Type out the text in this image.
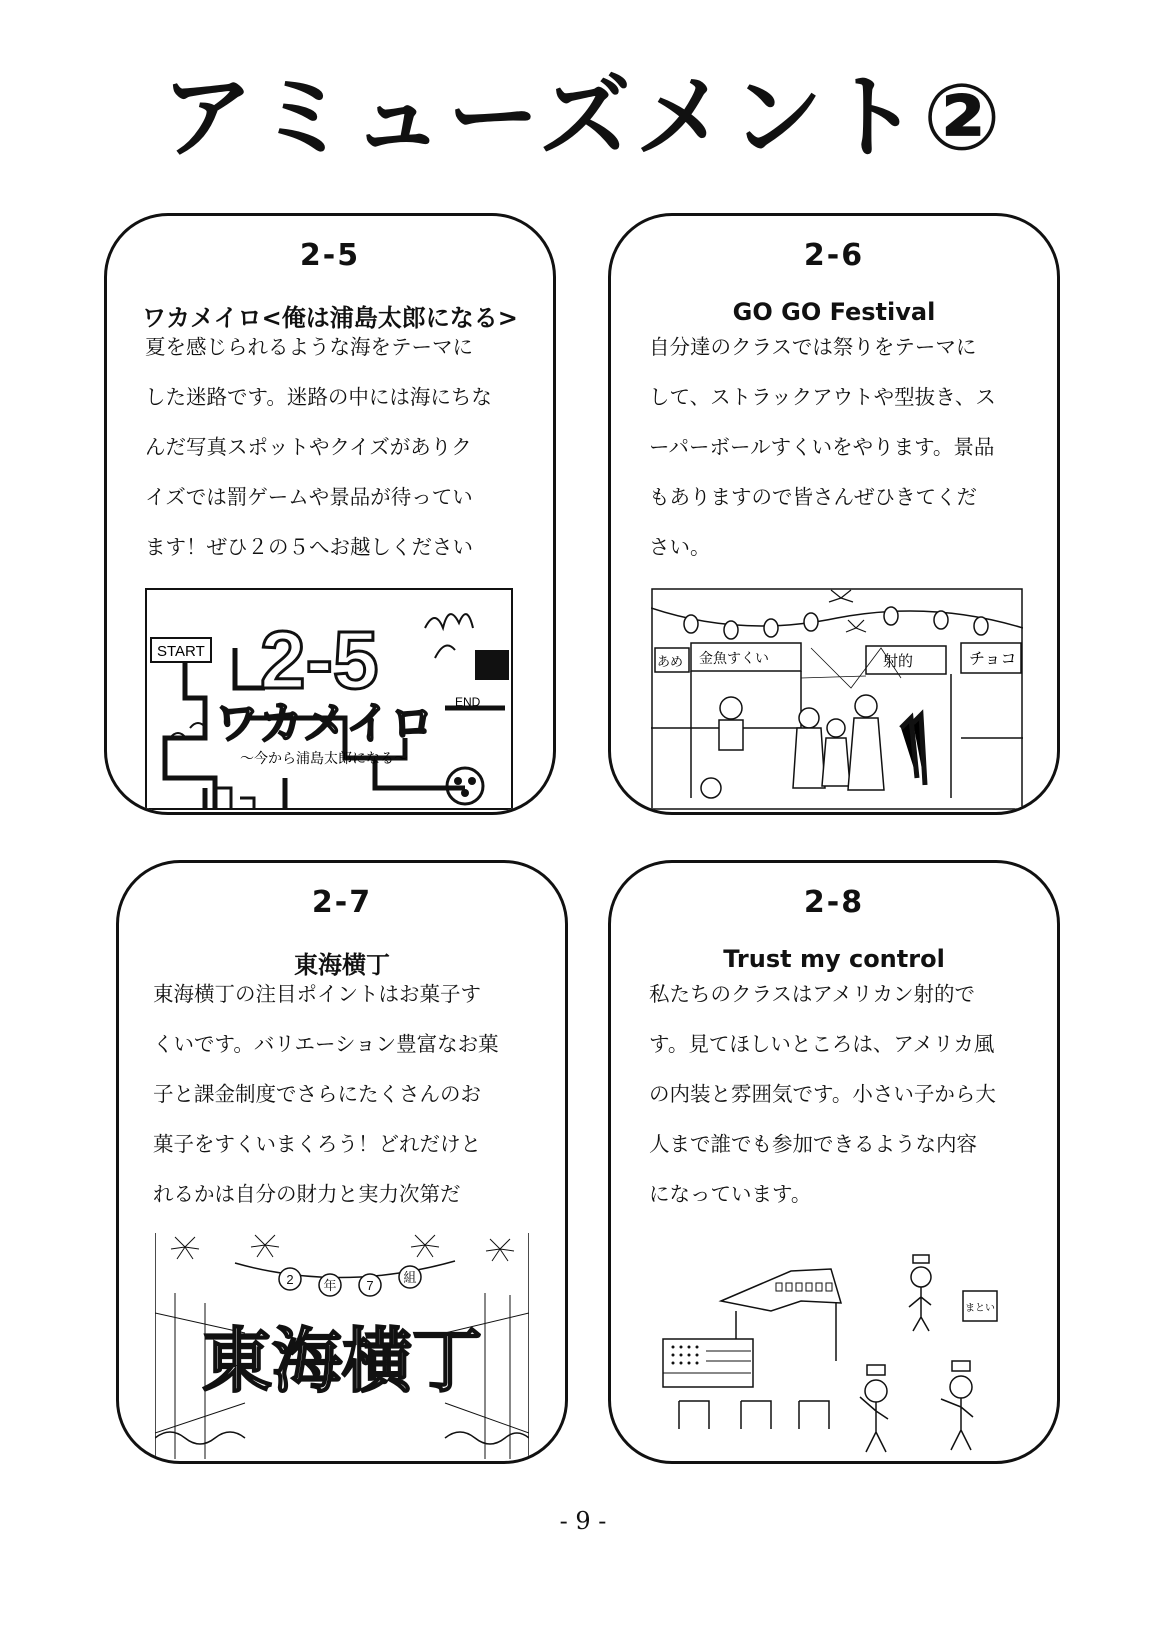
アミューズメント②
2-5
ワカメイロ<俺は浦島太郎になる>
夏を感じられるような海をテーマに
した迷路です。迷路の中には海にちな
んだ写真スポットやクイズがありク
イズでは罰ゲームや景品が待ってい
ます！ぜひ２の５へお越しください
START 2-5	END
ワカメイロ
〜今から浦島太郎になる〜
2-6
GO GO Festival
自分達のクラスでは祭りをテーマに
して、ストラックアウトや型抜き、ス
ーパーボールすくいをやります。景品
もありますので皆さんぜひきてくだ
さい。
あめ 金魚すくい	射的	チョコ
2-7
東海横丁
東海横丁の注目ポイントはお菓子す
くいです。バリエーション豊富なお菓
子と課金制度でさらにたくさんのお
菓子をすくいまくろう！どれだけと
れるかは自分の財力と実力次第だ
2 年 7
組
東海横丁
2-8
Trust my control
私たちのクラスはアメリカン射的で
す。見てほしいところは、アメリカ風
の内装と雰囲気です。小さい子から大
人まで誰でも参加できるような内容
になっています。
まとい
- 9 -
